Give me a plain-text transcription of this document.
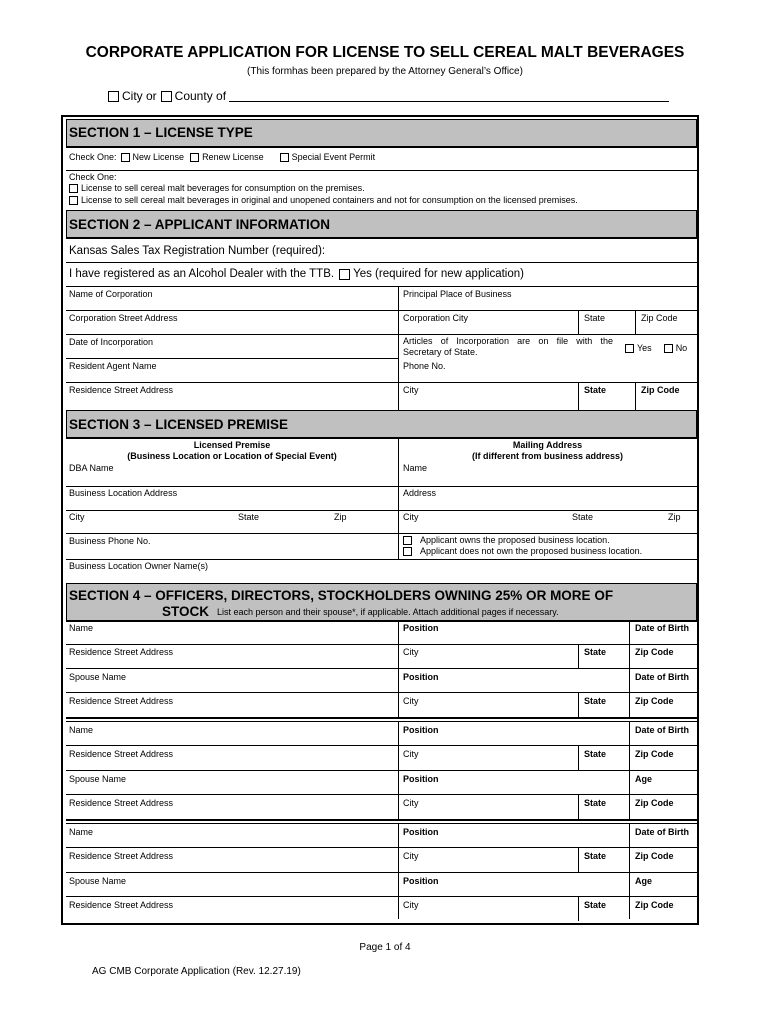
CORPORATE APPLICATION FOR LICENSE TO SELL CEREAL MALT BEVERAGES
(This formhas been prepared by the Attorney General’s Office)
City or County of
SECTION 1 – LICENSE TYPE
Check One: New License Renew License	Special Event Permit
Check One:
License to sell cereal malt beverages for consumption on the premises.
License to sell cereal malt beverages in original and unopened containers and not for consumption on the licensed premises.
SECTION 2 – APPLICANT INFORMATION
Kansas Sales Tax Registration Number (required):
I have registered as an Alcohol Dealer with the TTB. Yes (required for new application)
Name of Corporation	Principal Place of Business
Corporation Street Address	Corporation City	State	Zip Code
Date of Incorporation	Articles of Incorporation are on file with the Secretary of State.	Yes	No
Resident Agent Name	Phone No.
Residence Street Address	City	State	Zip Code
SECTION 3 – LICENSED PREMISE
Licensed Premise
(Business Location or Location of Special Event)
Mailing Address
(If different from business address)
DBA Name	Name
Business Location Address	Address
City	State	Zip	City	State	Zip
Business Phone No.	Applicant owns the proposed business location.
Applicant does not own the proposed business location.
Business Location Owner Name(s)
SECTION 4 – OFFICERS, DIRECTORS, STOCKHOLDERS OWNING 25% OR MORE OF
STOCK List each person and their spouse*, if applicable. Attach additional pages if necessary.
Name	Position	Date of Birth
Residence Street Address	City	State	Zip Code
Spouse Name	Position	Date of Birth
Residence Street Address	City	State	Zip Code
Name	Position	Date of Birth
Residence Street Address	City	State	Zip Code
Spouse Name	Position	Age
Residence Street Address	City	State	Zip Code
Name	Position	Date of Birth
Residence Street Address	City	State	Zip Code
Spouse Name	Position	Age
Residence Street Address	City	State	Zip Code
Page 1 of 4
AG CMB Corporate Application (Rev. 12.27.19)
